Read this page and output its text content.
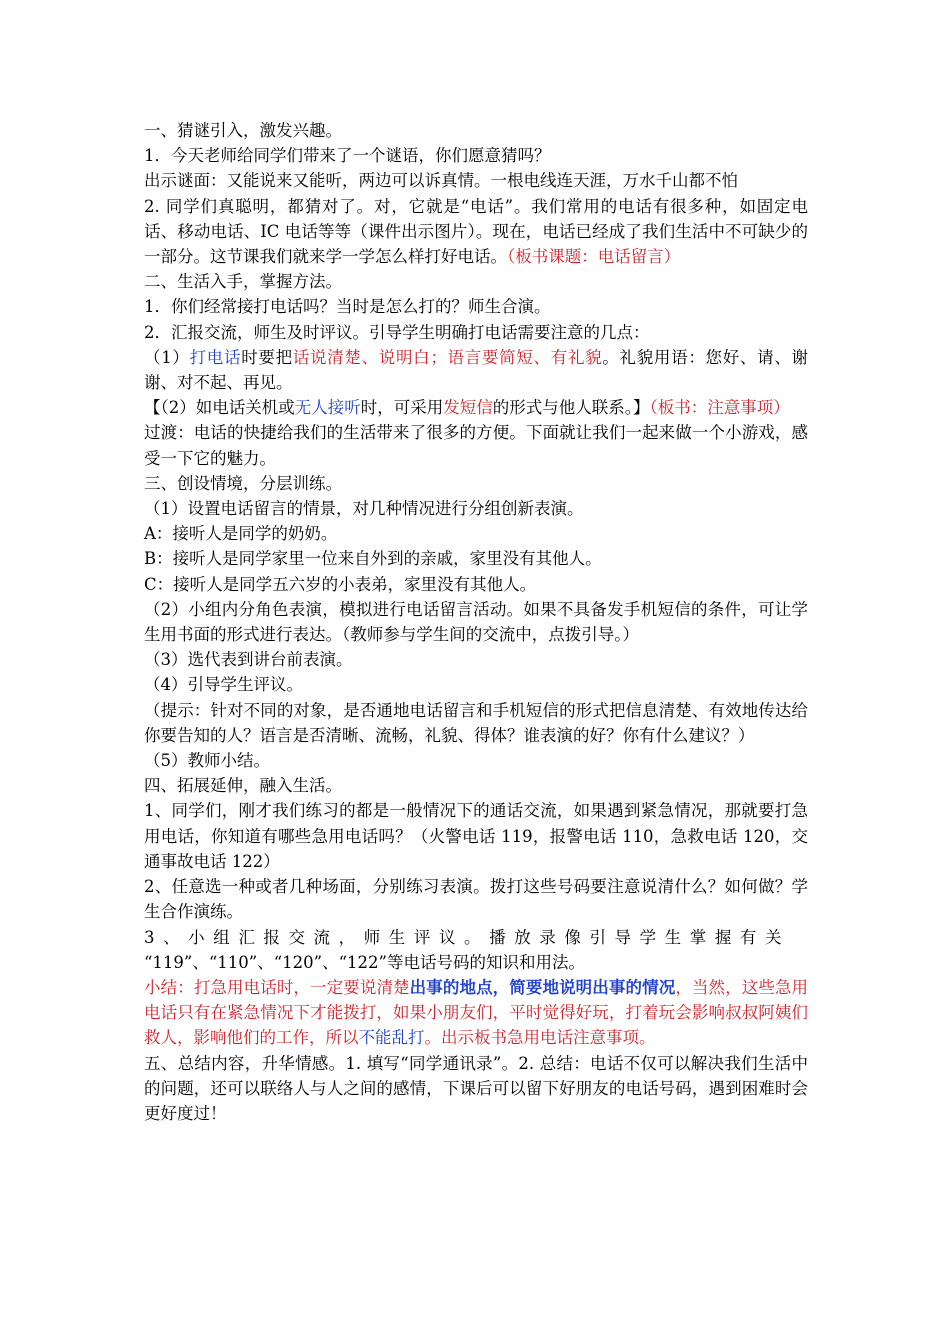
一、猜谜引入，激发兴趣。

1．今天老师给同学们带来了一个谜语，你们愿意猜吗？

出示谜面：又能说来又能听，两边可以诉真情。一根电线连天涯，万水千山都不怕

2. 同学们真聪明，都猜对了。对，它就是“电话”。我们常用的电话有很多种，如固定电话、移动电话、IC 电话等等（课件出示图片）。现在，电话已经成了我们生活中不可缺少的一部分。这节课我们就来学一学怎么样打好电话。（板书课题：电话留言）

二、生活入手，掌握方法。

1．你们经常接打电话吗？当时是怎么打的？师生合演。

2．汇报交流，师生及时评议。引导学生明确打电话需要注意的几点：

（1）打电话时要把话说清楚、说明白；语言要简短、有礼貌。礼貌用语：您好、请、谢谢、对不起、再见。

【（2）如电话关机或无人接听时，可采用发短信的形式与他人联系。】（板书：注意事项）

过渡：电话的快捷给我们的生活带来了很多的方便。下面就让我们一起来做一个小游戏，感受一下它的魅力。

三、创设情境，分层训练。

（1）设置电话留言的情景，对几种情况进行分组创新表演。

A：接听人是同学的奶奶。

B：接听人是同学家里一位来自外到的亲戚，家里没有其他人。

C：接听人是同学五六岁的小表弟，家里没有其他人。

（2）小组内分角色表演，模拟进行电话留言活动。如果不具备发手机短信的条件，可让学生用书面的形式进行表达。（教师参与学生间的交流中，点拨引导。）

（3）选代表到讲台前表演。

（4）引导学生评议。

（提示：针对不同的对象，是否通地电话留言和手机短信的形式把信息清楚、有效地传达给你要告知的人？语言是否清晰、流畅，礼貌、得体？谁表演的好？你有什么建议？）

（5）教师小结。

四、拓展延伸，融入生活。

1、同学们，刚才我们练习的都是一般情况下的通话交流，如果遇到紧急情况，那就要打急用电话，你知道有哪些急用电话吗？（火警电话 119，报警电话 110，急救电话 120，交通事故电话 122）

2、任意选一种或者几种场面，分别练习表演。拨打这些号码要注意说清什么？如何做？学生合作演练。

3、小组汇报交流，师生评议。播放录像引导学生掌握有关
“119”、“110”、“120”、“122”等电话号码的知识和用法。

小结：打急用电话时，一定要说清楚出事的地点，简要地说明出事的情况，当然，这些急用电话只有在紧急情况下才能拨打，如果小朋友们，平时觉得好玩，打着玩会影响叔叔阿姨们救人，影响他们的工作，所以不能乱打。出示板书急用电话注意事项。

五、总结内容，升华情感。1. 填写“同学通讯录”。2. 总结：电话不仅可以解决我们生活中的问题，还可以联络人与人之间的感情，下课后可以留下好朋友的电话号码，遇到困难时会更好度过！
